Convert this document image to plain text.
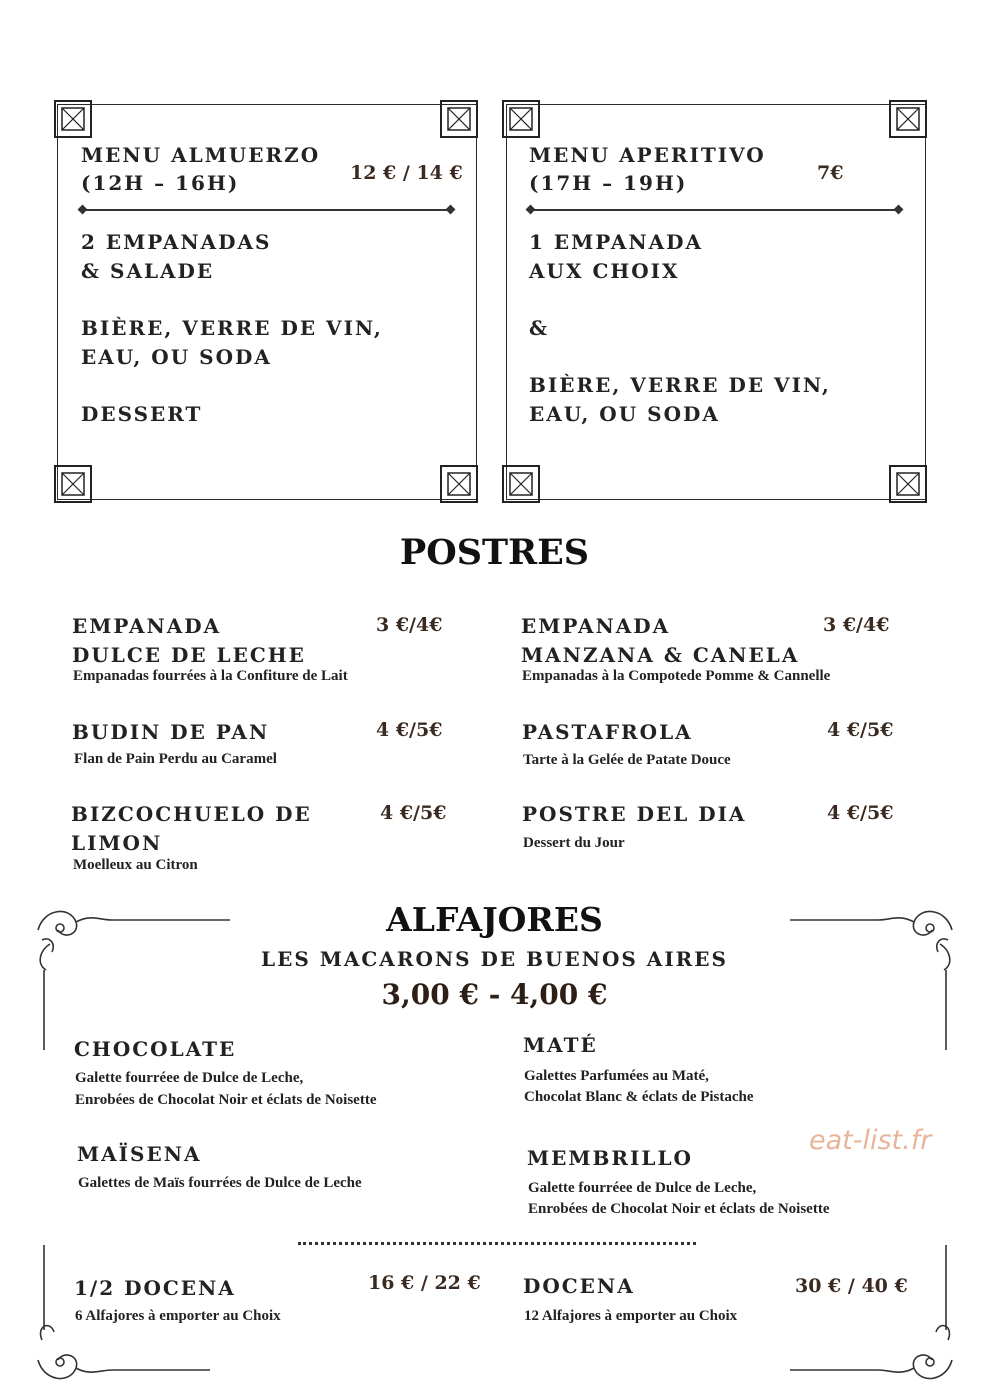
MENU ALMUERZO
(12H – 16H)	12 € / 14 €
2 EMPANADAS
& SALADE
BIÈRE, VERRE DE VIN,
EAU, OU SODA
DESSERT
MENU APERITIVO
(17H – 19H)	7€
1 EMPANADA
AUX CHOIX
&
BIÈRE, VERRE DE VIN,
EAU, OU SODA
POSTRES
EMPANADA
DULCE DE LECHE
3 €/4€
Empanadas fourrées à la Confiture de Lait
EMPANADA
MANZANA & CANELA
3 €/4€
Empanadas à la Compotede Pomme & Cannelle
BUDIN DE PAN	4 €/5€
Flan de Pain Perdu au Caramel
PASTAFROLA	4 €/5€
Tarte à la Gelée de Patate Douce
BIZCOCHUELO DE
LIMON
4 €/5€
Moelleux au Citron
POSTRE DEL DIA	4 €/5€
Dessert du Jour
ALFAJORES
LES MACARONS DE BUENOS AIRES
3,00 € - 4,00 €
CHOCOLATE
Galette fourréee de Dulce de Leche,
Enrobées de Chocolat Noir et éclats de Noisette
MATÉ
Galettes Parfumées au Maté,
Chocolat Blanc & éclats de Pistache
MAÏSENA
Galettes de Maïs fourrées de Dulce de Leche
MEMBRILLO
Galette fourréee de Dulce de Leche,
Enrobées de Chocolat Noir et éclats de Noisette
eat-list.fr
1/2 DOCENA	16 € / 22 €
6 Alfajores à emporter au Choix
DOCENA	30 € / 40 €
12 Alfajores à emporter au Choix
